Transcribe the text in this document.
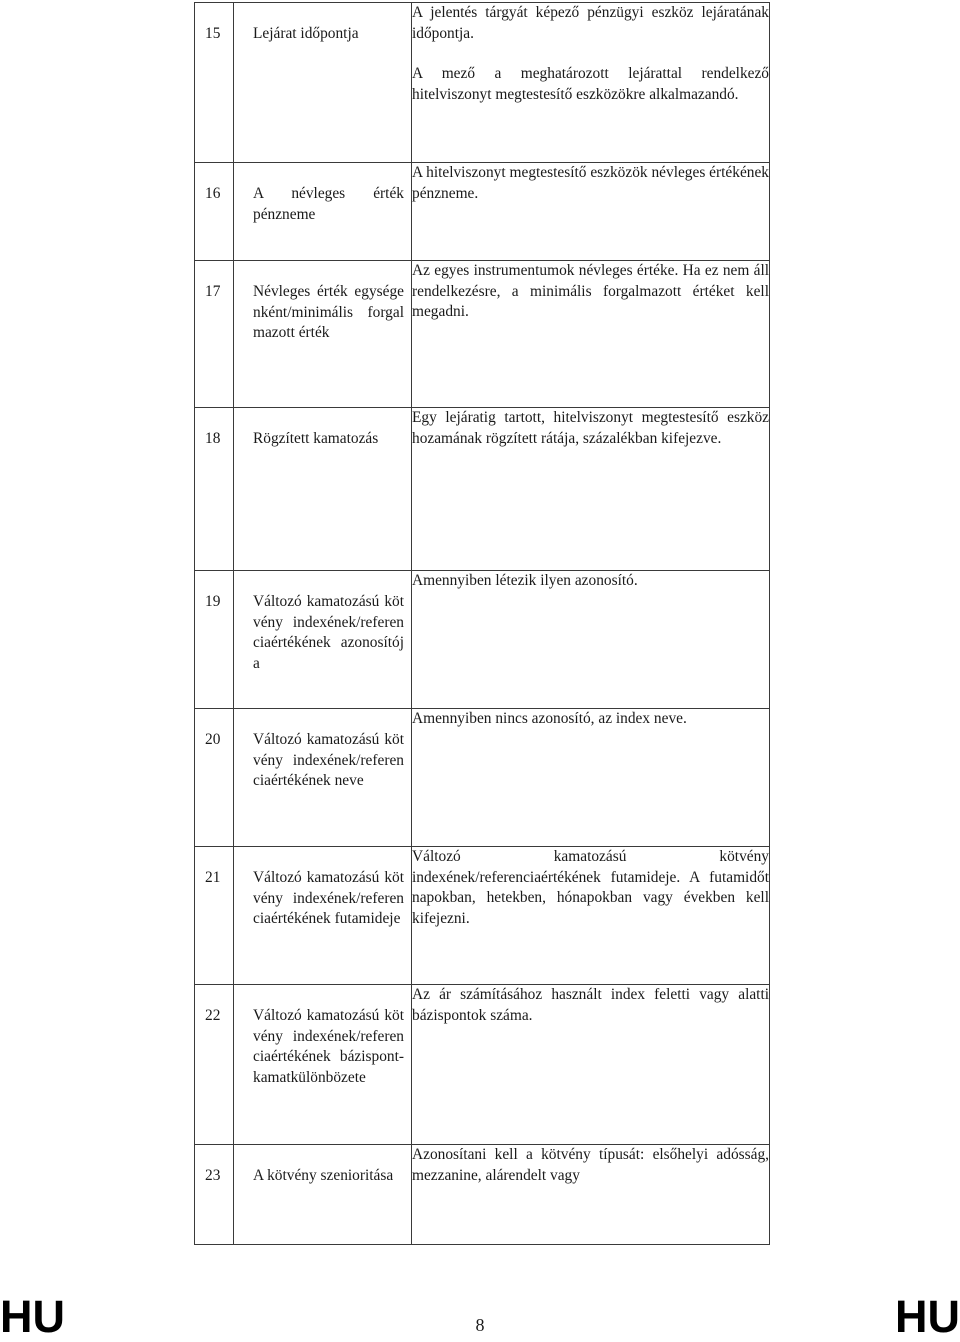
15	Lejárat időpontja	A jelentés tárgyát képező pénzügyi eszköz lejáratának időpontja.

A mező a meghatározott lejárattal rendelkező hitelviszonyt megtestesítő eszközökre alkalmazandó.

16	A névleges érték pénzneme	A hitelviszonyt megtestesítő eszközök névleges értékének pénzneme.

17	Névleges érték egységenként/minimális forgalmazott érték	Az egyes instrumentumok névleges értéke. Ha ez nem áll rendelkezésre, a minimális forgalmazott értéket kell megadni.

18	Rögzített kamatozás	Egy lejáratig tartott, hitelviszonyt megtestesítő eszköz hozamának rögzített rátája, százalékban kifejezve.

19	Változó kamatozású kötvény indexének/referenciaértékének azonosítója	Amennyiben létezik ilyen azonosító.

20	Változó kamatozású kötvény indexének/referenciaértékének neve	Amennyiben nincs azonosító, az index neve.

21	Változó kamatozású kötvény indexének/referenciaértékének futamideje	Változó kamatozású kötvény indexének/referenciaértékének futamideje. A futamidőt napokban, hetekben, hónapokban vagy években kell kifejezni.

22	Változó kamatozású kötvény indexének/referenciaértékének bázispont-kamatkülönbözete	Az ár számításához használt index feletti vagy alatti bázispontok száma.

23	A kötvény szenioritása	Azonosítani kell a kötvény típusát: elsőhelyi adósság, mezzanine, alárendelt vagy

HU	8	HU
